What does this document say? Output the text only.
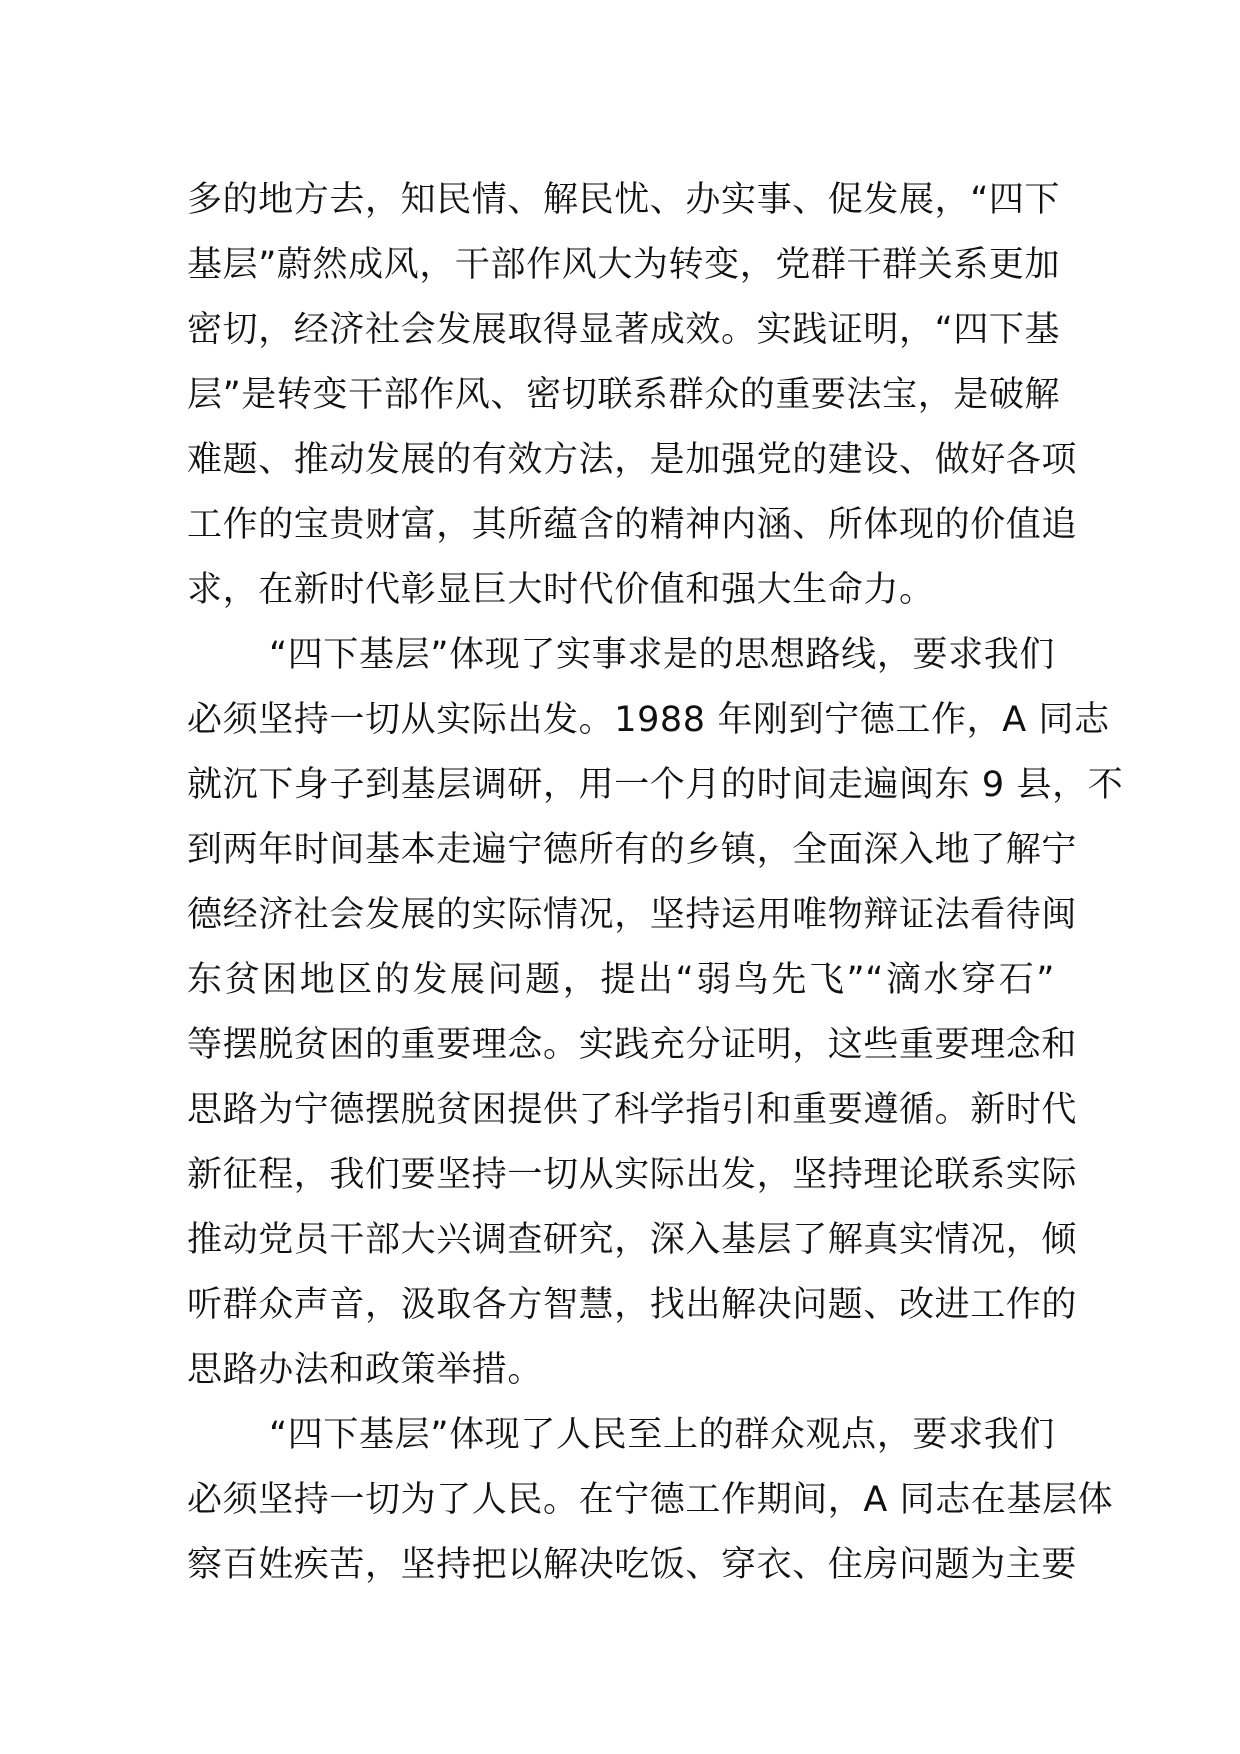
多的地方去，知民情、解民忧、办实事、促发展，“四下
基层”蔚然成风，干部作风大为转变，党群干群关系更加
密切，经济社会发展取得显著成效。实践证明，“四下基
层”是转变干部作风、密切联系群众的重要法宝，是破解
难题、推动发展的有效方法，是加强党的建设、做好各项
工作的宝贵财富，其所蕴含的精神内涵、所体现的价值追
求，在新时代彰显巨大时代价值和强大生命力。
“四下基层”体现了实事求是的思想路线，要求我们
必须坚持一切从实际出发。1988 年刚到宁德工作，A 同志
就沉下身子到基层调研，用一个月的时间走遍闽东 9 县，不
到两年时间基本走遍宁德所有的乡镇，全面深入地了解宁
德经济社会发展的实际情况，坚持运用唯物辩证法看待闽
东贫困地区的发展问题，提出“弱鸟先飞”“滴水穿石”
等摆脱贫困的重要理念。实践充分证明，这些重要理念和
思路为宁德摆脱贫困提供了科学指引和重要遵循。新时代
新征程，我们要坚持一切从实际出发，坚持理论联系实际
推动党员干部大兴调查研究，深入基层了解真实情况，倾
听群众声音，汲取各方智慧，找出解决问题、改进工作的
思路办法和政策举措。
“四下基层”体现了人民至上的群众观点，要求我们
必须坚持一切为了人民。在宁德工作期间，A 同志在基层体
察百姓疾苦，坚持把以解决吃饭、穿衣、住房问题为主要
